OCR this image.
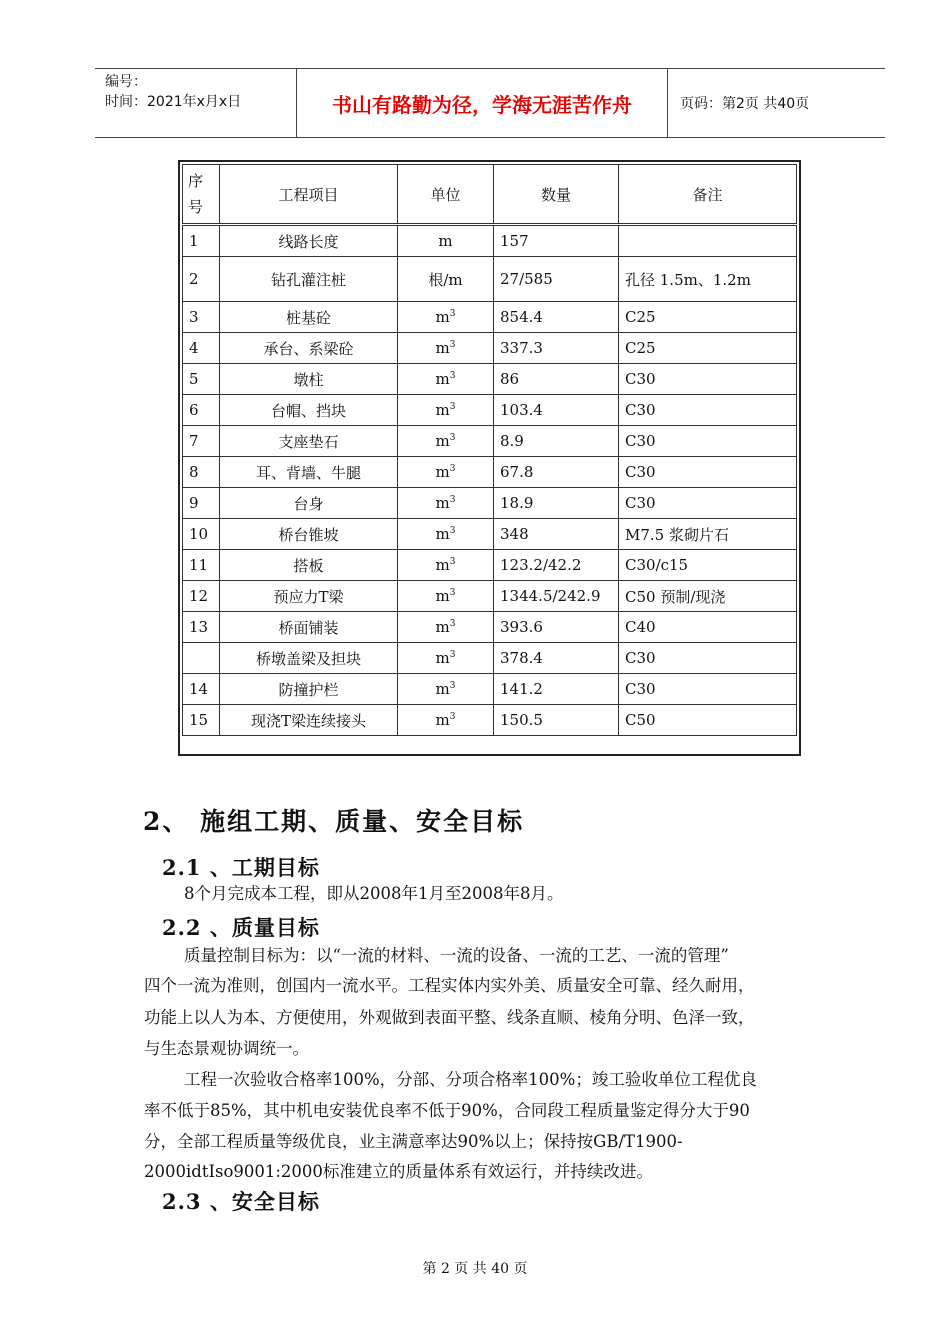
编号：
时间：2021年x月x日	书山有路勤为径，学海无涯苦作舟	页码：第2页 共40页
序
号	工程项目	单位	数量	备注
1	线路长度	m	157	
2	钻孔灌注桩	根/m	27/585	孔径 1.5m、1.2m
3	桩基砼	$m^3$	854.4	C25
4	承台、系梁砼	$m^3$	337.3	C25
5	墩柱	$m^3$	86	C30
6	台帽、挡块	$m^3$	103.4	C30
7	支座垫石	$m^3$	8.9	C30
8	耳、背墙、牛腿	$m^3$	67.8	C30
9	台身	$m^3$	18.9	C30
10	桥台锥坡	$m^3$	348	M7.5 浆砌片石
11	搭板	$m^3$	123.2/42.2	C30/c15
12	预应力T梁	$m^3$	1344.5/242.9	C50 预制/现浇
13	桥面铺装	$m^3$	393.6	C40
	桥墩盖梁及担块	$m^3$	378.4	C30
14	防撞护栏	$m^3$	141.2	C30
15	现浇T梁连续接头	$m^3$	150.5	C50
2、 施组工期、质量、安全目标
2.1 、工期目标
8个月完成本工程，即从2008年1月至2008年8月。
2.2 、质量目标
质量控制目标为：以“一流的材料、一流的设备、一流的工艺、一流的管理”
四个一流为准则，创国内一流水平。工程实体内实外美、质量安全可靠、经久耐用，
功能上以人为本、方便使用，外观做到表面平整、线条直顺、棱角分明、色泽一致，
与生态景观协调统一。
工程一次验收合格率100%，分部、分项合格率100%；竣工验收单位工程优良
率不低于85%，其中机电安装优良率不低于90%，合同段工程质量鉴定得分大于90
分，全部工程质量等级优良，业主满意率达90%以上；保持按GB/T1900-
2000idtIso9001:2000标准建立的质量体系有效运行，并持续改进。
2.3 、安全目标
第 2 页 共 40 页
